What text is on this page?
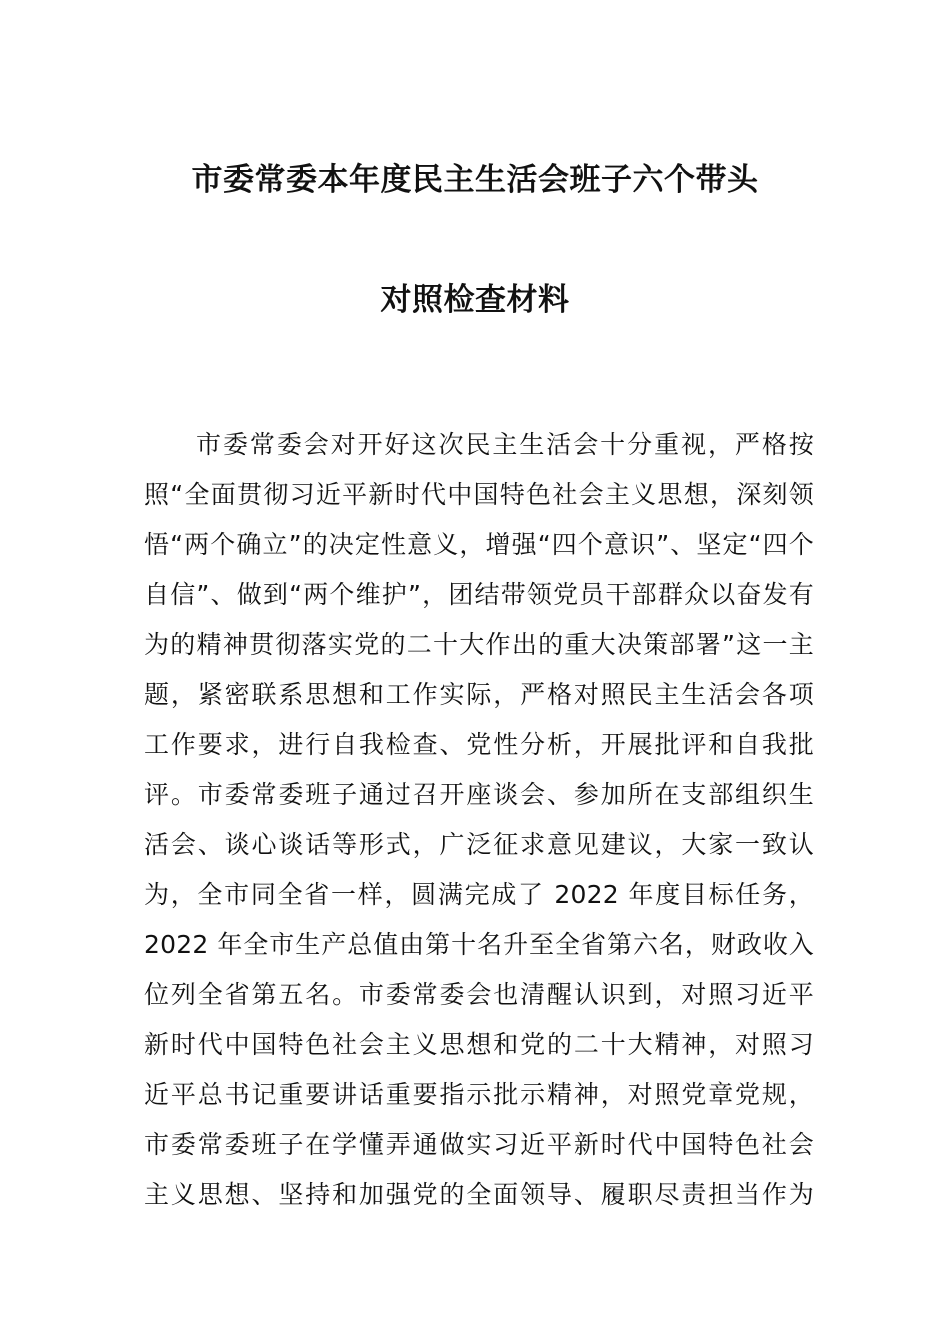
市委常委本年度民主生活会班子六个带头
对照检查材料
市委常委会对开好这次民主生活会十分重视，严格按
照“全面贯彻习近平新时代中国特色社会主义思想，深刻领
悟“两个确立”的决定性意义，增强“四个意识”、坚定“四个
自信”、做到“两个维护”，团结带领党员干部群众以奋发有
为的精神贯彻落实党的二十大作出的重大决策部署”这一主
题，紧密联系思想和工作实际，严格对照民主生活会各项
工作要求，进行自我检查、党性分析，开展批评和自我批
评。市委常委班子通过召开座谈会、参加所在支部组织生
活会、谈心谈话等形式，广泛征求意见建议，大家一致认
为，全市同全省一样，圆满完成了 2022 年度目标任务，
2022 年全市生产总值由第十名升至全省第六名，财政收入
位列全省第五名。市委常委会也清醒认识到，对照习近平
新时代中国特色社会主义思想和党的二十大精神，对照习
近平总书记重要讲话重要指示批示精神，对照党章党规，
市委常委班子在学懂弄通做实习近平新时代中国特色社会
主义思想、坚持和加强党的全面领导、履职尽责担当作为
